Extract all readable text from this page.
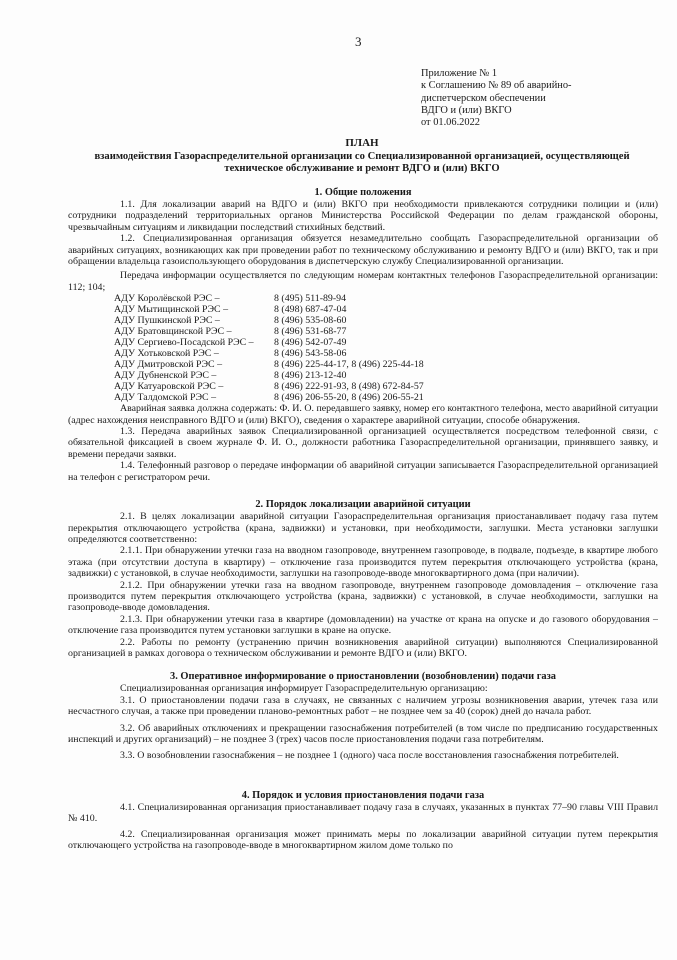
3
Приложение № 1
к Соглашению № 89 об аварийно-
диспетчерском обеспечении
ВДГО и (или) ВКГО
от 01.06.2022
ПЛАН
взаимодействия Газораспределительной организации со Специализированной организацией, осуществляющей
техническое обслуживание и ремонт ВДГО и (или) ВКГО
1. Общие положения
1.1. Для локализации аварий на ВДГО и (или) ВКГО при необходимости привлекаются сотрудники полиции и (или) сотрудники подразделений территориальных органов Министерства Российской Федерации по делам гражданской обороны, чрезвычайным ситуациям и ликвидации последствий стихийных бедствий.
1.2. Специализированная организация обязуется незамедлительно сообщать Газораспределительной организации об аварийных ситуациях, возникающих как при проведении работ по техническому обслуживанию и ремонту ВДГО и (или) ВКГО, так и при обращении владельца газоиспользующего оборудования в диспетчерскую службу Специализированной организации.
Передача информации осуществляется по следующим номерам контактных телефонов Газораспределительной организации: 112; 104;
АДУ Королёвской РЭС –	8 (495) 511-89-94
АДУ Мытищинской РЭС –	8 (498) 687-47-04
АДУ Пушкинской РЭС –	8 (496) 535-08-60
АДУ Братовщинской РЭС –	8 (496) 531-68-77
АДУ Сергиево-Посадской РЭС –	8 (496) 542-07-49
АДУ Хотьковской РЭС –	8 (496) 543-58-06
АДУ Дмитровской РЭС –	8 (496) 225-44-17, 8 (496) 225-44-18
АДУ Дубненской РЭС –	8 (496) 213-12-40
АДУ Катуаровской РЭС –	8 (496) 222-91-93, 8 (498) 672-84-57
АДУ Талдомской РЭС –	8 (496) 206-55-20, 8 (496) 206-55-21
Аварийная заявка должна содержать: Ф. И. О. передавшего заявку, номер его контактного телефона, место аварийной ситуации (адрес нахождения неисправного ВДГО и (или) ВКГО), сведения о характере аварийной ситуации, способе обнаружения.
1.3. Передача аварийных заявок Специализированной организацией осуществляется посредством телефонной связи, с обязательной фиксацией в своем журнале Ф. И. О., должности работника Газораспределительной организации, принявшего заявку, и времени передачи заявки.
1.4. Телефонный разговор о передаче информации об аварийной ситуации записывается Газораспределительной организацией на телефон с регистратором речи.
2. Порядок локализации аварийной ситуации
2.1. В целях локализации аварийной ситуации Газораспределительная организация приостанавливает подачу газа путем перекрытия отключающего устройства (крана, задвижки) и установки, при необходимости, заглушки. Места установки заглушки определяются соответственно:
2.1.1. При обнаружении утечки газа на вводном газопроводе, внутреннем газопроводе, в подвале, подъезде, в квартире любого этажа (при отсутствии доступа в квартиру) – отключение газа производится путем перекрытия отключающего устройства (крана, задвижки) с установкой, в случае необходимости, заглушки на газопроводе-вводе многоквартирного дома (при наличии).
2.1.2. При обнаружении утечки газа на вводном газопроводе, внутреннем газопроводе домовладения – отключение газа производится путем перекрытия отключающего устройства (крана, задвижки) с установкой, в случае необходимости, заглушки на газопроводе-вводе домовладения.
2.1.3. При обнаружении утечки газа в квартире (домовладении) на участке от крана на опуске и до газового оборудования – отключение газа производится путем установки заглушки в кране на опуске.
2.2. Работы по ремонту (устранению причин возникновения аварийной ситуации) выполняются Специализированной организацией в рамках договора о техническом обслуживании и ремонте ВДГО и (или) ВКГО.
3. Оперативное информирование о приостановлении (возобновлении) подачи газа
Специализированная организация информирует Газораспределительную организацию:
3.1. О приостановлении подачи газа в случаях, не связанных с наличием угрозы возникновения аварии, утечек газа или несчастного случая, а также при проведении планово-ремонтных работ – не позднее чем за 40 (сорок) дней до начала работ.
3.2. Об аварийных отключениях и прекращении газоснабжения потребителей (в том числе по предписанию государственных инспекций и других организаций) – не позднее 3 (трех) часов после приостановления подачи газа потребителям.
3.3. О возобновлении газоснабжения – не позднее 1 (одного) часа после восстановления газоснабжения потребителей.
4. Порядок и условия приостановления подачи газа
4.1. Специализированная организация приостанавливает подачу газа в случаях, указанных в пунктах 77–90 главы VIII Правил № 410.
4.2. Специализированная организация может принимать меры по локализации аварийной ситуации путем перекрытия отключающего устройства на газопроводе-вводе в многоквартирном жилом доме только по
